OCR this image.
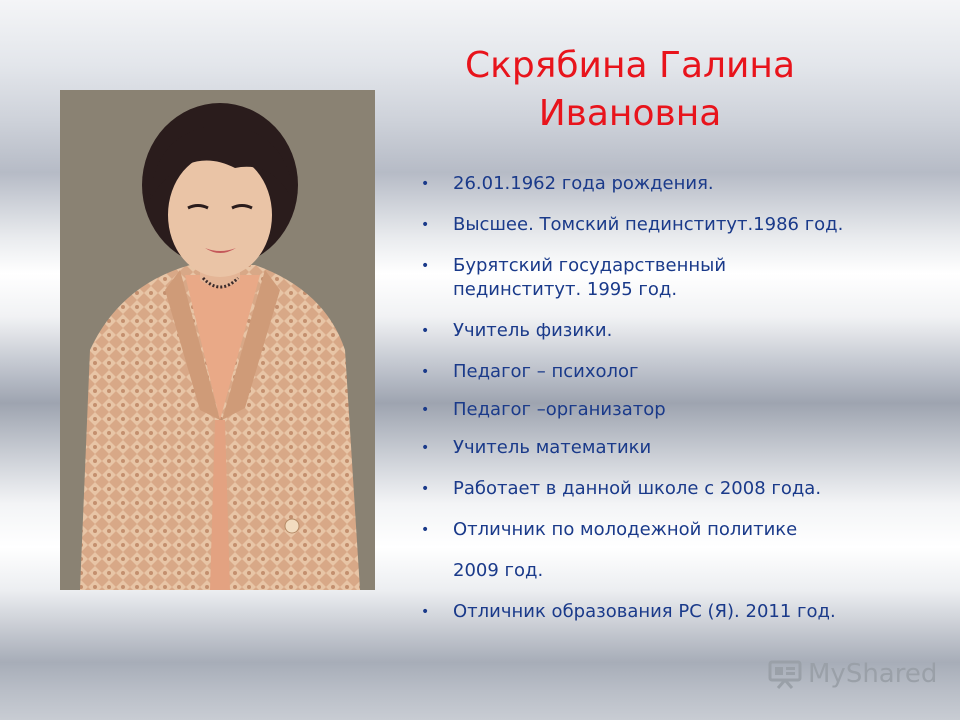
Скрябина Галина Ивановна
• 26.01.1962 года рождения.
• Высшее. Томский пединститут.1986 год.
• Бурятский государственный пединститут. 1995 год.
• Учитель физики.
• Педагог – психолог
• Педагог –организатор
• Учитель математики
• Работает в данной школе с 2008 года.
• Отличник по молодежной политике
2009 год.
• Отличник образования РС (Я). 2011 год.
MyShared
